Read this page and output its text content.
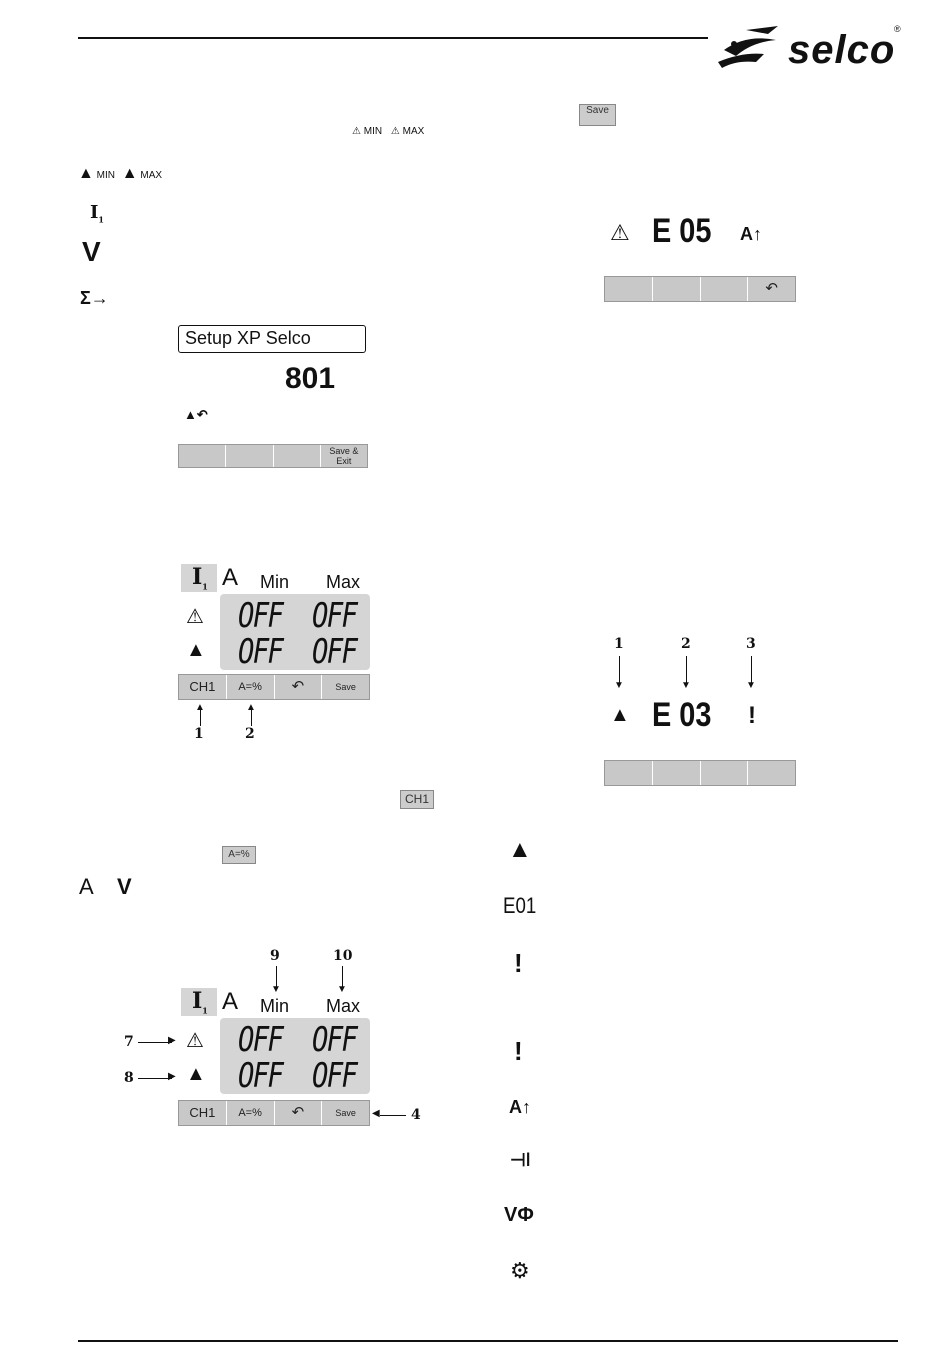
selco
®
⚠ MIN ⚠ MAX
▲ MIN ▲ MAX
$I_1$
V
Σ→
Setup XP Selco
801
▲↶
Save & Exit
$I_1$ A Min Max
⚠
▲
OFF OFF
OFF OFF
CH1	A=%	↶	Save
▲	▲
1	2
CH1
A=%
A V
9	10
▼	▼
$I_1$ A Min Max
⚠
▲
OFF OFF
OFF OFF
CH1	A=%	↶	Save
7	▶
8	▶
◀ 4
Save
⚠ E 05 A↑
↶
1	2	3
▼	▼	▼
▲ E 03 ǃ
▲
E01
ǃ
ǃ
A↑
⊣ǀ
VΦ
⚙
